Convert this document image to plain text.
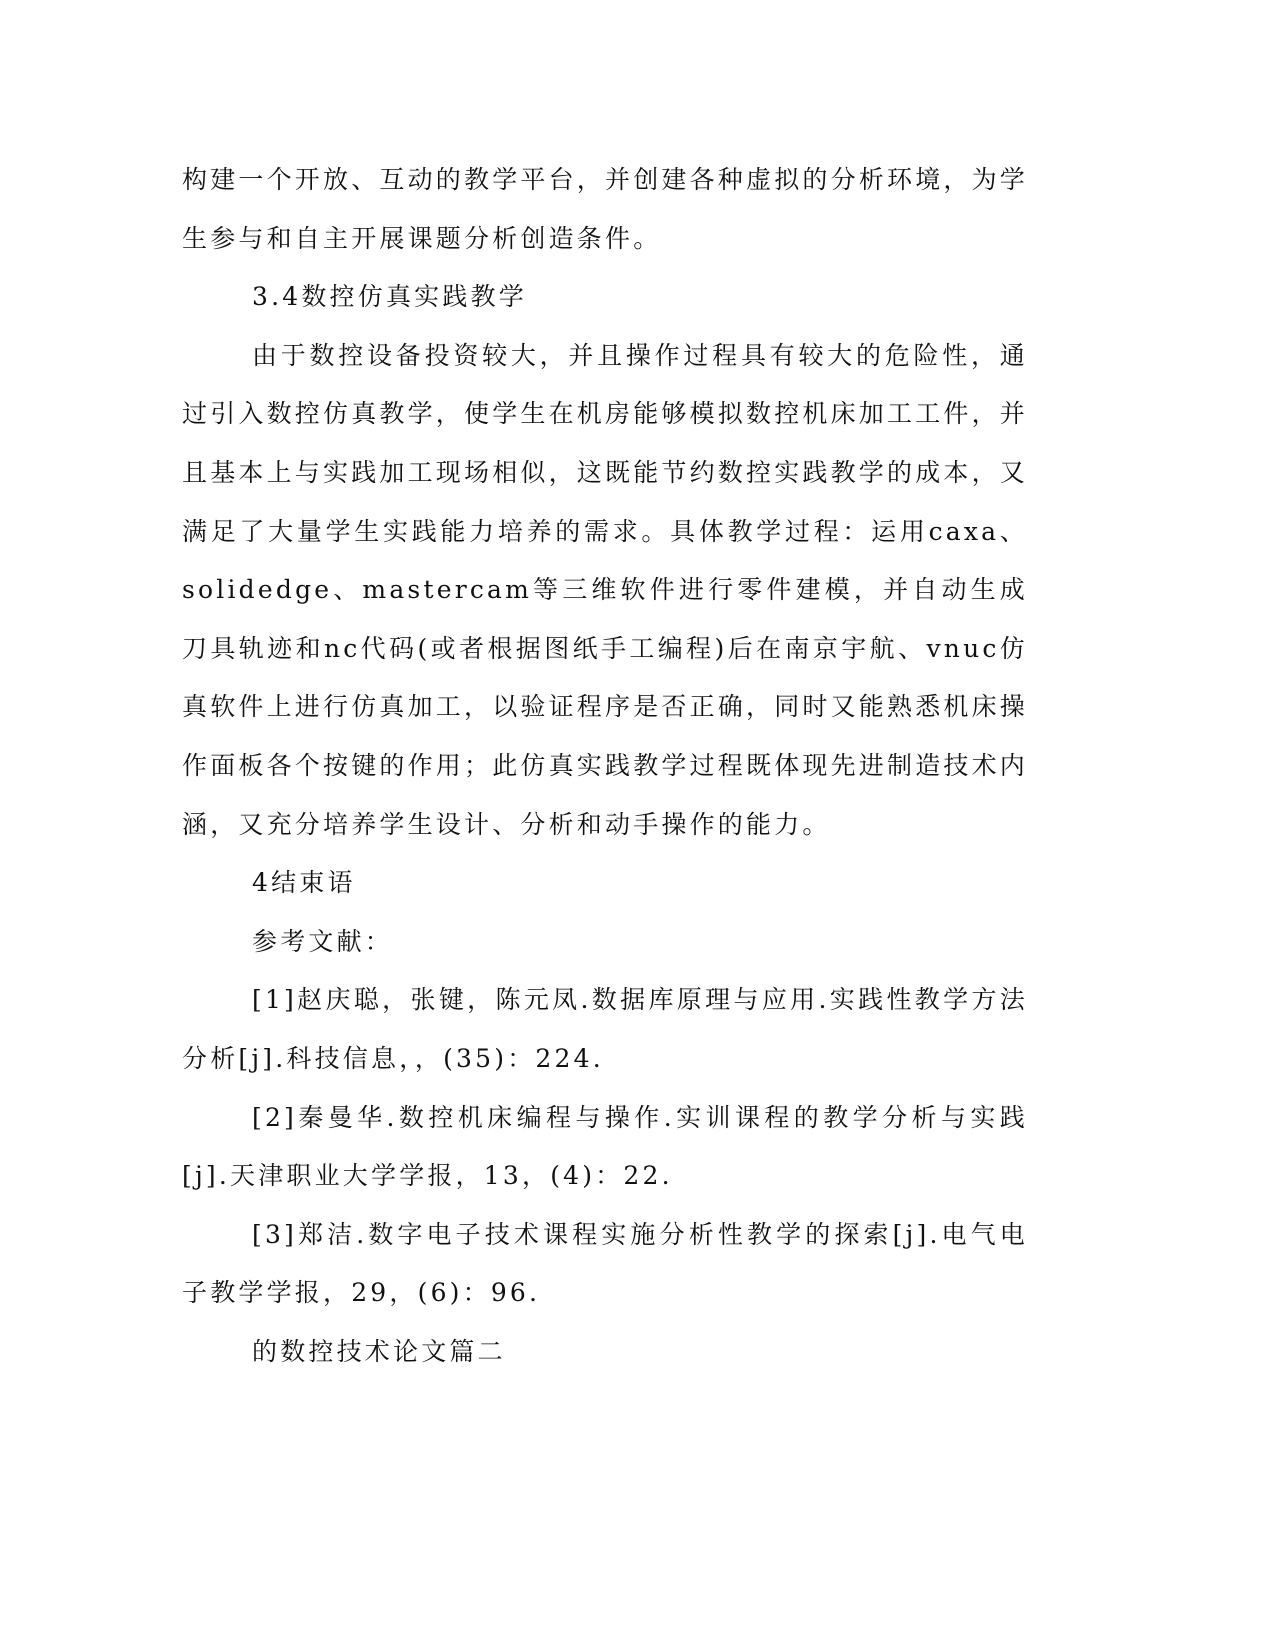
构建一个开放、互动的教学平台，并创建各种虚拟的分析环境，为学生参与和自主开展课题分析创造条件。

3.4数控仿真实践教学

由于数控设备投资较大，并且操作过程具有较大的危险性，通过引入数控仿真教学，使学生在机房能够模拟数控机床加工工件，并且基本上与实践加工现场相似，这既能节约数控实践教学的成本，又满足了大量学生实践能力培养的需求。具体教学过程：运用caxa、solidedge、mastercam等三维软件进行零件建模，并自动生成刀具轨迹和nc代码(或者根据图纸手工编程)后在南京宇航、vnuc仿真软件上进行仿真加工，以验证程序是否正确，同时又能熟悉机床操作面板各个按键的作用；此仿真实践教学过程既体现先进制造技术内涵，又充分培养学生设计、分析和动手操作的能力。

4结束语

参考文献：

[1]赵庆聪，张键，陈元凤.数据库原理与应用.实践性教学方法分析[j].科技信息，，(35)：224.

[2]秦曼华.数控机床编程与操作.实训课程的教学分析与实践[j].天津职业大学学报，13，(4)：22.

[3]郑洁.数字电子技术课程实施分析性教学的探索[j].电气电子教学学报，29，(6)：96.

的数控技术论文篇二
